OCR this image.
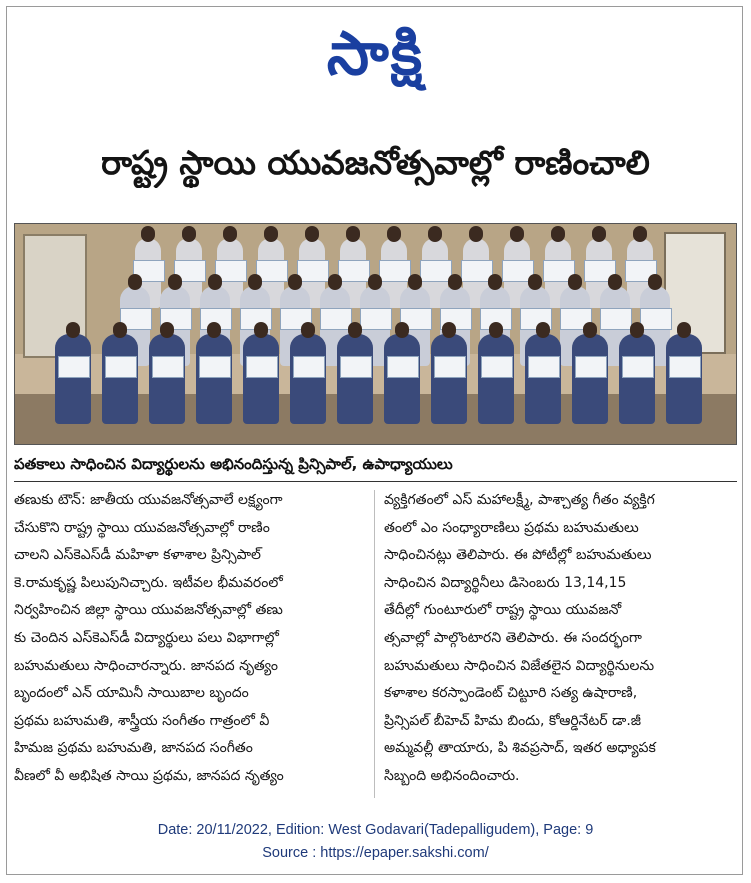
సాక్షి
రాష్ట్ర స్థాయి యువజనోత్సవాల్లో రాణించాలి
పతకాలు సాధించిన విద్యార్థులను అభినందిస్తున్న ప్రిన్సిపాల్, ఉపాధ్యాయులు
తణుకు టౌన్‌: జాతీయ యువజనోత్సవాలే లక్ష్యంగా
చేసుకొని రాష్ట్ర స్థాయి యువజనోత్సవాల్లో రాణిం
చాలని ఎస్‌కెఎస్‌డీ మహిళా కళాశాల ప్రిన్సిపాల్‌
కె.రామకృష్ణ పిలుపునిచ్చారు. ఇటీవల భీమవరంలో
నిర్వహించిన జిల్లా స్థాయి యువజనోత్సవాల్లో తణు
కు చెందిన ఎస్‌కెఎస్‌డీ విద్యార్థులు పలు విభాగాల్లో
బహుమతులు సాధించారన్నారు. జానపద నృత్యం
బృందంలో ఎన్‌ యామినీ సాయిబాల బృందం
ప్రథమ బహుమతి, శాస్త్రీయ సంగీతం గాత్రంలో వీ
హిమజ ప్రథమ బహుమతి, జానపద సంగీతం
వీణలో వీ అభిషిత సాయి ప్రథమ, జానపద నృత్యం
వ్యక్తిగతంలో ఎస్‌ మహాలక్ష్మీ, పాశ్చాత్య గీతం వ్యక్తిగ
తంలో ఎం సంధ్యారాణిలు ప్రథమ బహుమతులు
సాధించినట్లు తెలిపారు. ఈ పోటీల్లో బహుమతులు
సాధించిన విద్యార్థినీలు డిసెంబరు 13,14,15
తేదీల్లో గుంటూరులో రాష్ట్ర స్థాయి యువజనో
త్సవాల్లో పాల్గొంటారని తెలిపారు. ఈ సందర్భంగా
బహుమతులు సాధించిన విజేతలైన విద్యార్థినులను
కళాశాల కరస్పాండెంట్‌ చిట్టూరి సత్య ఉషారాణి,
ప్రిన్సిపల్‌ బీహెచ్‌ హిమ బిందు, కోఆర్డినేటర్‌ డా.జీ
అమ్మవల్లీ తాయారు, పి శివప్రసాద్‌, ఇతర అధ్యాపక
సిబ్బంది అభినందించారు.
Date: 20/11/2022, Edition: West Godavari(Tadepalligudem), Page: 9
Source : https://epaper.sakshi.com/
